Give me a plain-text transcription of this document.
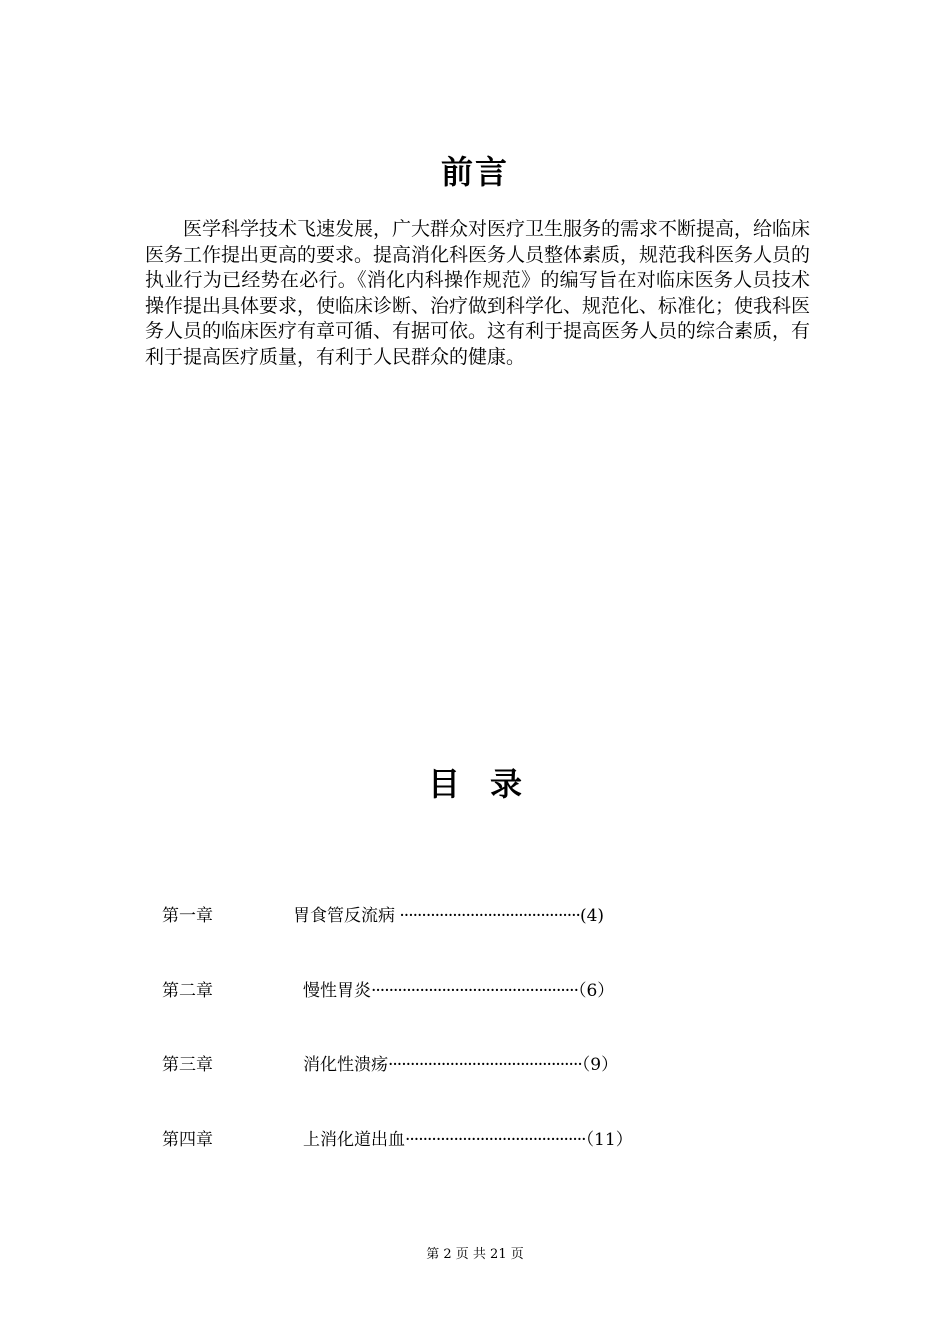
前言

医学科学技术飞速发展，广大群众对医疗卫生服务的需求不断提高，给临床医务工作提出更高的要求。提高消化科医务人员整体素质，规范我科医务人员的执业行为已经势在必行。《消化内科操作规范》的编写旨在对临床医务人员技术操作提出具体要求，使临床诊断、治疗做到科学化、规范化、标准化；使我科医务人员的临床医疗有章可循、有据可依。这有利于提高医务人员的综合素质，有利于提高医疗质量，有利于人民群众的健康。

目录
第一章	胃食管反流病 ·········································(4)
第二章	慢性胃炎···············································（6）
第三章	消化性溃疡············································（9）
第四章	上消化道出血·········································（11）
第 2 页 共 21 页
